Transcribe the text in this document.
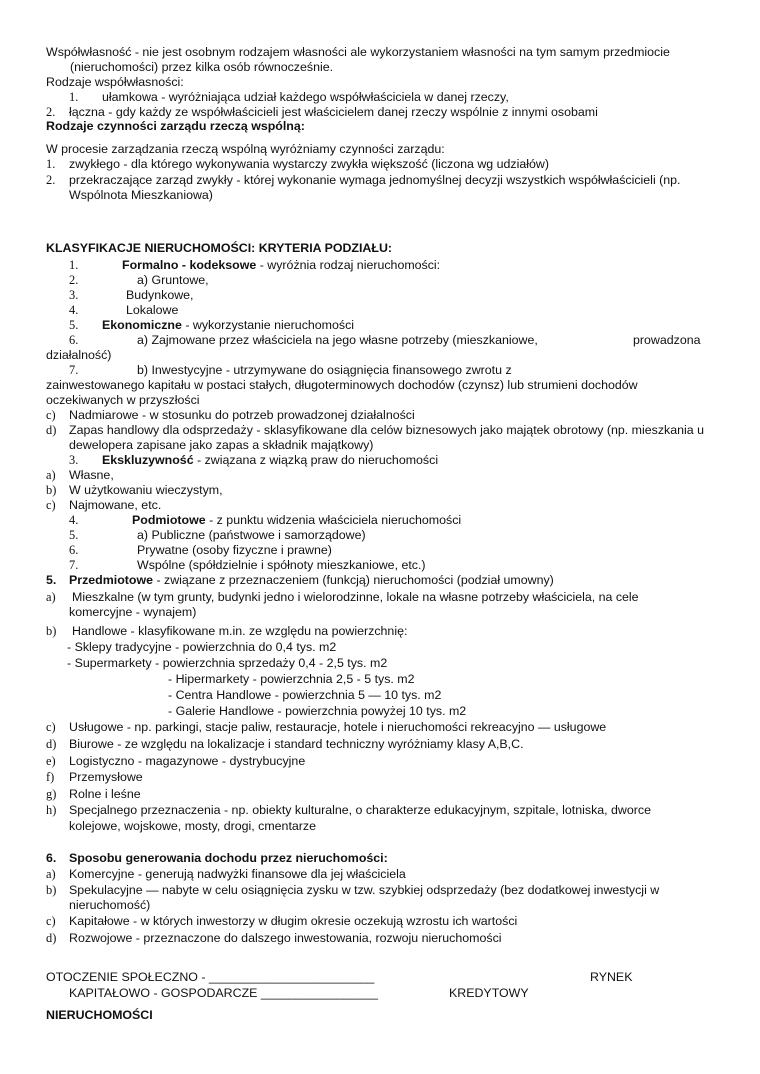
Współwłasność - nie jest osobnym rodzajem własności ale wykorzystaniem własności na tym samym przedmiocie
(nieruchomości) przez kilka osób równocześnie.
Rodzaje współwłasności:
1. ułamkowa - wyróżniająca udział każdego współwłaściciela w danej rzeczy,
2. łączna - gdy każdy ze współwłaścicieli jest właścicielem danej rzeczy wspólnie z innymi osobami
Rodzaje czynności zarządu rzeczą wspólną:
W procesie zarządzania rzeczą wspólną wyróżniamy czynności zarządu:
1. zwykłego - dla którego wykonywania wystarczy zwykła większość (liczona wg udziałów)
2. przekraczające zarząd zwykły - której wykonanie wymaga jednomyślnej decyzji wszystkich współwłaścicieli (np.
Wspólnota Mieszkaniowa)
KLASYFIKACJE NIERUCHOMOŚCI: KRYTERIA PODZIAŁU:
1.	Formalno - kodeksowe - wyróżnia rodzaj nieruchomości:
2.	a) Gruntowe,
3.	Budynkowe,
4.	Lokalowe
5. Ekonomiczne - wykorzystanie nieruchomości
6.	a) Zajmowane przez właściciela na jego własne potrzeby (mieszkaniowe,	prowadzona
działalność)
7.	b) Inwestycyjne - utrzymywane do osiągnięcia finansowego zwrotu z
zainwestowanego kapitału w postaci stałych, długoterminowych dochodów (czynsz) lub strumieni dochodów
oczekiwanych w przyszłości
c) Nadmiarowe - w stosunku do potrzeb prowadzonej działalności
d) Zapas handlowy dla odsprzedaży - sklasyfikowane dla celów biznesowych jako majątek obrotowy (np. mieszkania u
dewelopera zapisane jako zapas a składnik majątkowy)
3. Ekskluzywność - związana z wiązką praw do nieruchomości
a) Własne,
b) W użytkowaniu wieczystym,
c) Najmowane, etc.
4.	Podmiotowe - z punktu widzenia właściciela nieruchomości
5.	a) Publiczne (państwowe i samorządowe)
6.	Prywatne (osoby fizyczne i prawne)
7.	Wspólne (spółdzielnie i spółnoty mieszkaniowe, etc.)
5. Przedmiotowe - związane z przeznaczeniem (funkcją) nieruchomości (podział umowny)
a) Mieszkalne (w tym grunty, budynki jedno i wielorodzinne, lokale na własne potrzeby właściciela, na cele
komercyjne - wynajem)
b) Handlowe - klasyfikowane m.in. ze względu na powierzchnię:
- Sklepy tradycyjne - powierzchnia do 0,4 tys. m2
- Supermarkety - powierzchnia sprzedaży 0,4 - 2,5 tys. m2
- Hipermarkety - powierzchnia 2,5 - 5 tys. m2
- Centra Handlowe - powierzchnia 5 — 10 tys. m2
- Galerie Handlowe - powierzchnia powyżej 10 tys. m2
c) Usługowe - np. parkingi, stacje paliw, restauracje, hotele i nieruchomości rekreacyjno — usługowe
d) Biurowe - ze względu na lokalizacje i standard techniczny wyróżniamy klasy A,B,C.
e) Logistyczno - magazynowe - dystrybucyjne
f) Przemysłowe
g) Rolne i leśne
h) Specjalnego przeznaczenia - np. obiekty kulturalne, o charakterze edukacyjnym, szpitale, lotniska, dworce
kolejowe, wojskowe, mosty, drogi, cmentarze
6. Sposobu generowania dochodu przez nieruchomości:
a) Komercyjne - generują nadwyżki finansowe dla jej właściciela
b) Spekulacyjne — nabyte w celu osiągnięcia zysku w tzw. szybkiej odsprzedaży (bez dodatkowej inwestycji w
nieruchomość)
c) Kapitałowe - w których inwestorzy w długim okresie oczekują wzrostu ich wartości
d) Rozwojowe - przeznaczone do dalszego inwestowania, rozwoju nieruchomości
OTOCZENIE SPOŁECZNO - ________________________	RYNEK
KAPITAŁOWO - GOSPODARCZE _________________	KREDYTOWY
NIERUCHOMOŚCI
